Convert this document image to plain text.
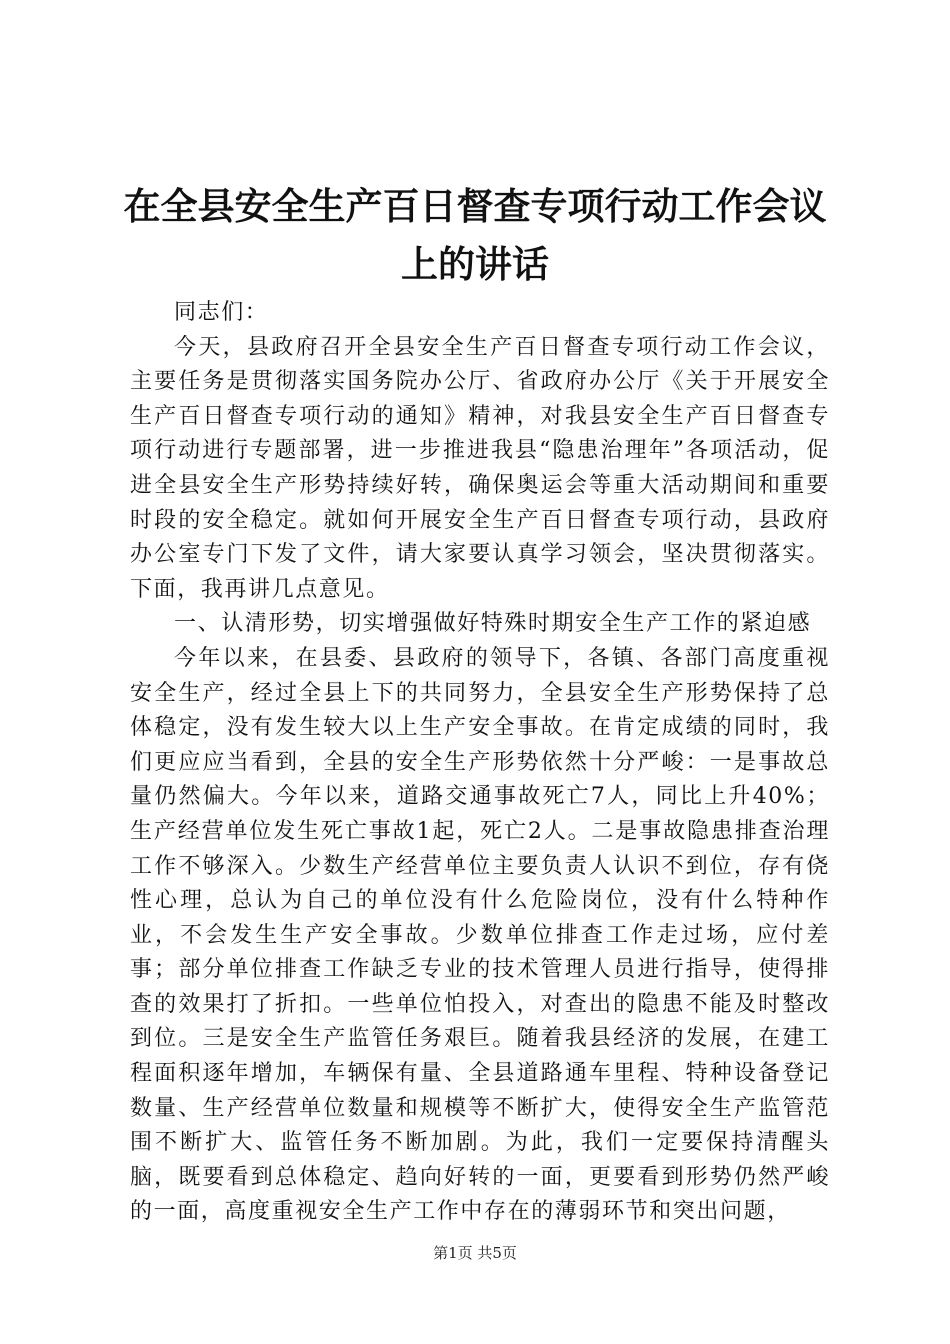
在全县安全生产百日督查专项行动工作会议上的讲话

同志们：

今天，县政府召开全县安全生产百日督查专项行动工作会议，主要任务是贯彻落实国务院办公厅、省政府办公厅《关于开展安全生产百日督查专项行动的通知》精神，对我县安全生产百日督查专项行动进行专题部署，进一步推进我县“隐患治理年”各项活动，促进全县安全生产形势持续好转，确保奥运会等重大活动期间和重要时段的安全稳定。就如何开展安全生产百日督查专项行动，县政府办公室专门下发了文件，请大家要认真学习领会，坚决贯彻落实。下面，我再讲几点意见。

一、认清形势，切实增强做好特殊时期安全生产工作的紧迫感

今年以来，在县委、县政府的领导下，各镇、各部门高度重视安全生产，经过全县上下的共同努力，全县安全生产形势保持了总体稳定，没有发生较大以上生产安全事故。在肯定成绩的同时，我们更应应当看到，全县的安全生产形势依然十分严峻：一是事故总量仍然偏大。今年以来，道路交通事故死亡7人，同比上升40%；生产经营单位发生死亡事故1起，死亡2人。二是事故隐患排查治理工作不够深入。少数生产经营单位主要负责人认识不到位，存有侥性心理，总认为自己的单位没有什么危险岗位，没有什么特种作业，不会发生生产安全事故。少数单位排查工作走过场，应付差事；部分单位排查工作缺乏专业的技术管理人员进行指导，使得排查的效果打了折扣。一些单位怕投入，对查出的隐患不能及时整改到位。三是安全生产监管任务艰巨。随着我县经济的发展，在建工程面积逐年增加，车辆保有量、全县道路通车里程、特种设备登记数量、生产经营单位数量和规模等不断扩大，使得安全生产监管范围不断扩大、监管任务不断加剧。为此，我们一定要保持清醒头脑，既要看到总体稳定、趋向好转的一面，更要看到形势仍然严峻的一面，高度重视安全生产工作中存在的薄弱环节和突出问题，

第1页 共5页
